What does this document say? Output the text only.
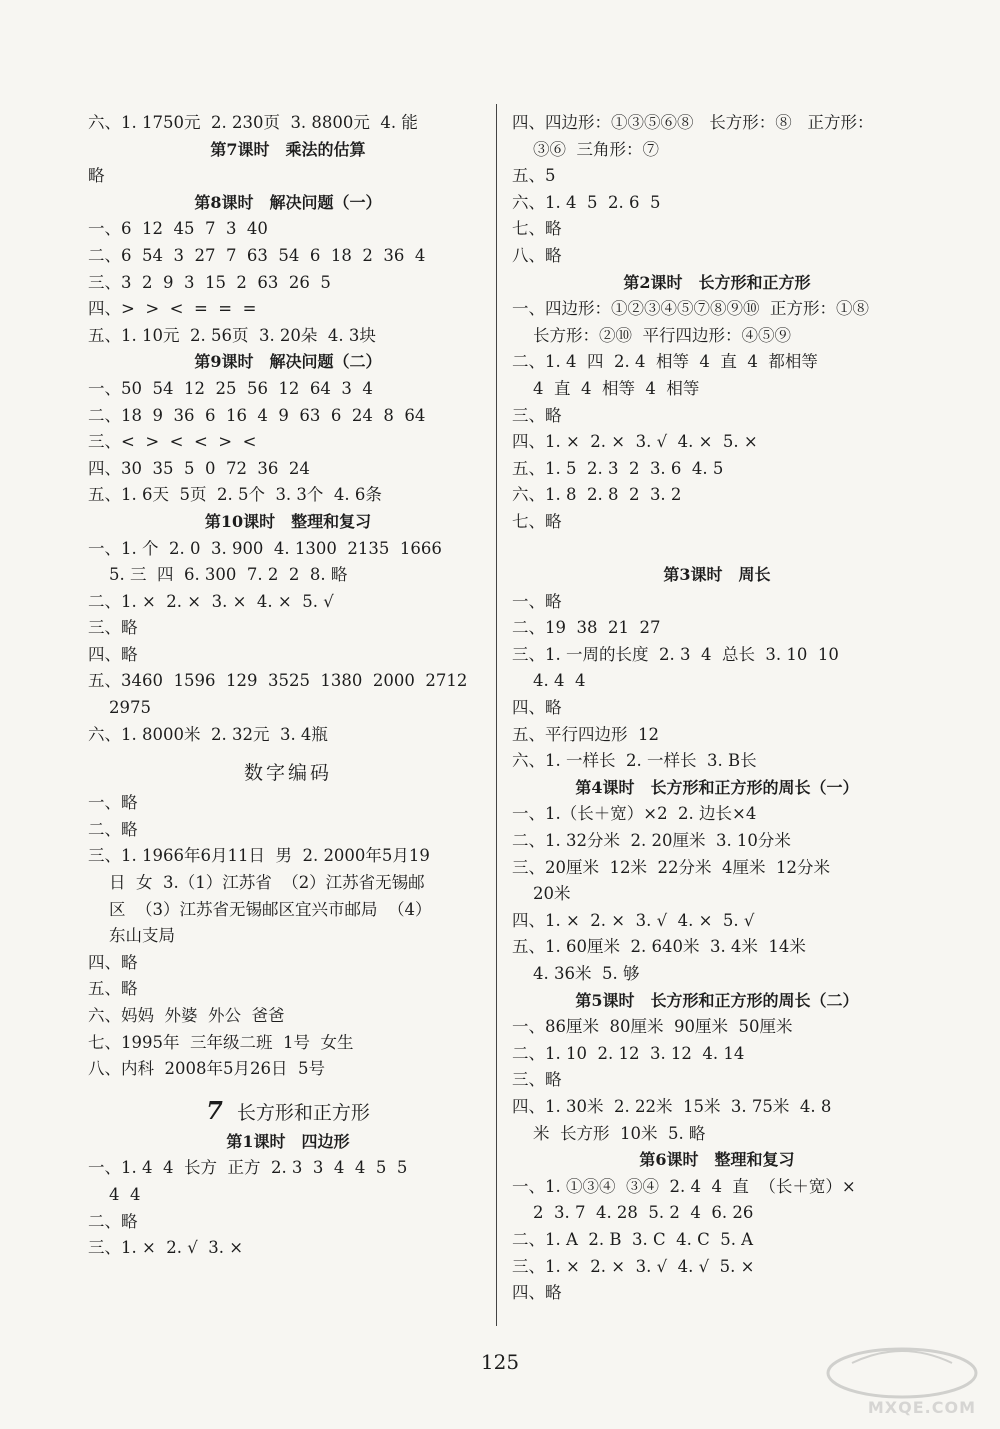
六、1. 1750元  2. 230页  3. 8800元  4. 能
第7课时　乘法的估算
略
第8课时　解决问题（一）
一、6  12  45  7  3  40
二、6  54  3  27  7  63  54  6  18  2  36  4
三、3  2  9  3  15  2  63  26  5
四、>  >  <  =  =  =
五、1. 10元  2. 56页  3. 20朵  4. 3块
第9课时　解决问题（二）
一、50  54  12  25  56  12  64  3  4
二、18  9  36  6  16  4  9  63  6  24  8  64
三、<  >  <  <  >  <
四、30  35  5  0  72  36  24
五、1. 6天  5页  2. 5个  3. 3个  4. 6条
第10课时　整理和复习
一、1. 个  2. 0  3. 900  4. 1300  2135  1666
5. 三  四  6. 300  7. 2  2  8. 略
二、1. ×  2. ×  3. ×  4. ×  5. √
三、略
四、略
五、3460  1596  129  3525  1380  2000  2712
2975
六、1. 8000米  2. 32元  3. 4瓶
数字编码
一、略
二、略
三、1. 1966年6月11日  男  2. 2000年5月19
日  女  3.（1）江苏省  （2）江苏省无锡邮
区  （3）江苏省无锡邮区宜兴市邮局  （4）
东山支局
四、略
五、略
六、妈妈  外婆  外公  爸爸
七、1995年  三年级二班  1号  女生
八、内科  2008年5月26日  5号
7 长方形和正方形
第1课时　四边形
一、1. 4  4  长方  正方  2. 3  3  4  4  5  5
4  4
二、略
三、1. ×  2. √  3. ×
四、四边形：①③⑤⑥⑧   长方形：⑧   正方形：
③⑥  三角形：⑦
五、5
六、1. 4  5  2. 6  5
七、略
八、略
第2课时　长方形和正方形
一、四边形：①②③④⑤⑦⑧⑨⑩  正方形：①⑧
长方形：②⑩  平行四边形：④⑤⑨
二、1. 4  四  2. 4  相等  4  直  4  都相等
4  直  4  相等  4  相等
三、略
四、1. ×  2. ×  3. √  4. ×  5. ×
五、1. 5  2. 3  2  3. 6  4. 5
六、1. 8  2. 8  2  3. 2
七、略
第3课时　周长
一、略
二、19  38  21  27
三、1. 一周的长度  2. 3  4  总长  3. 10  10
4. 4  4
四、略
五、平行四边形  12
六、1. 一样长  2. 一样长  3. B长
第4课时　长方形和正方形的周长（一）
一、1.（长＋宽）×2  2. 边长×4
二、1. 32分米  2. 20厘米  3. 10分米
三、20厘米  12米  22分米  4厘米  12分米
20米
四、1. ×  2. ×  3. √  4. ×  5. √
五、1. 60厘米  2. 640米  3. 4米  14米
4. 36米  5. 够
第5课时　长方形和正方形的周长（二）
一、86厘米  80厘米  90厘米  50厘米
二、1. 10  2. 12  3. 12  4. 14
三、略
四、1. 30米  2. 22米  15米  3. 75米  4. 8
米  长方形  10米  5. 略
第6课时　整理和复习
一、1. ①③④  ③④  2. 4  4  直  （长＋宽）×
2  3. 7  4. 28  5. 2  4  6. 26
二、1. A  2. B  3. C  4. C  5. A
三、1. ×  2. ×  3. √  4. √  5. ×
四、略
125
MXQE.COM
